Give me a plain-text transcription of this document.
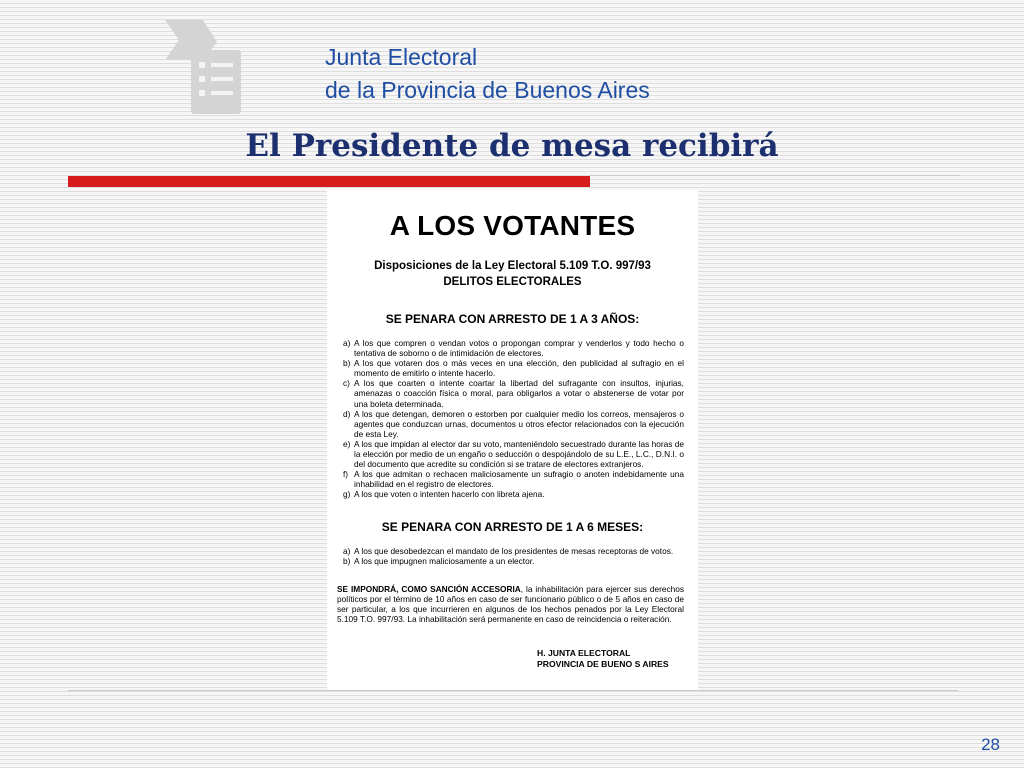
Junta Electoral
de la Provincia de Buenos Aires
El Presidente de mesa recibirá
A LOS VOTANTES
Disposiciones de la Ley Electoral 5.109 T.O. 997/93
DELITOS ELECTORALES
SE PENARA CON ARRESTO DE 1 A 3 AÑOS:
a) A los que compren o vendan votos o propongan comprar y venderlos y todo hecho o tentativa de soborno o de intimidación de electores.
b) A los que votaren dos o más veces en una elección, den publicidad al sufragio en el momento de emitirlo o intente hacerlo.
c) A los que coarten o intente coartar la libertad del sufragante con insultos, injurias, amenazas o coacción física o moral, para obligarlos a votar o abstenerse de votar por una boleta determinada.
d) A los que detengan, demoren o estorben por cualquier medio los correos, mensajeros o agentes que conduzcan urnas, documentos u otros efector relacionados con la ejecución de esta Ley.
e) A los que impidan al elector dar su voto, manteniéndolo secuestrado durante las horas de la elección por medio de un engaño o seducción o despojándolo de su L.E., L.C., D.N.I. o del documento que acredite su condición si se tratare de electores extranjeros.
f) A los que admitan o rechacen maliciosamente un sufragio o anoten indebidamente una inhabilidad en el registro de electores.
g) A los que voten o intenten hacerlo con libreta ajena.
SE PENARA CON ARRESTO DE 1 A 6 MESES:
a) A los que desobedezcan el mandato de los presidentes de mesas receptoras de votos.
b) A los que impugnen maliciosamente a un elector.
SE IMPONDRÁ, COMO SANCIÓN ACCESORIA, la inhabilitación para ejercer sus derechos políticos por el término de 10 años en caso de ser funcionario público o de 5 años en caso de ser particular, a los que incurrieren en algunos de los hechos penados por la Ley Electoral 5.109 T.O. 997/93. La inhabilitación será permanente en caso de reincidencia o reiteración.
H. JUNTA ELECTORAL
PROVINCIA DE BUENO S AIRES
28
